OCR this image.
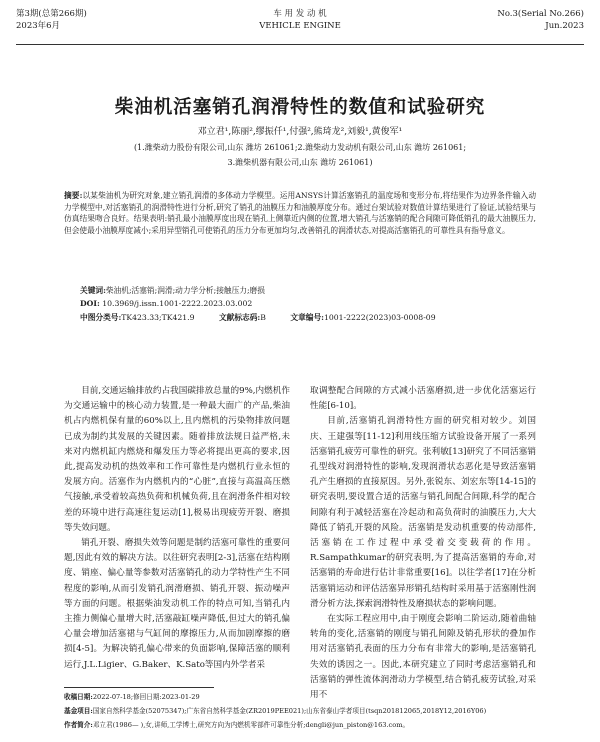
第3期(总第266期)
2023年6月
车 用 发 动 机
VEHICLE ENGINE
No.3(Serial No.266)
Jun.2023
柴油机活塞销孔润滑特性的数值和试验研究
邓立君¹,陈丽²,缪振仟¹,付强²,熊琦龙²,刘毅¹,黄俊军¹
(1.潍柴动力股份有限公司,山东 潍坊 261061;2.潍柴动力发动机有限公司,山东 潍坊 261061;
3.潍柴机器有限公司,山东 潍坊 261061)
摘要:以某柴油机为研究对象,建立销孔润滑的多体动力学模型。运用ANSYS计算活塞销孔的温度场和变形分布,将结果作为边界条件输入动力学模型中,对活塞销孔的润滑特性进行分析,研究了销孔的油膜压力和油膜厚度分布。通过台架试验对数值计算结果进行了验证,试验结果与仿真结果吻合良好。结果表明:销孔最小油膜厚度出现在销孔上侧靠近内侧的位置,增大销孔与活塞销的配合间隙可降低销孔的最大油膜压力,但会使最小油膜厚度减小;采用异型销孔可使销孔的压力分布更加均匀,改善销孔的润滑状态,对提高活塞销孔的可靠性具有指导意义。
关键词:柴油机;活塞销;润滑;动力学分析;接触压力;磨损
DOI: 10.3969/j.issn.1001-2222.2023.03.002
中图分类号:TK423.33;TK421.9	文献标志码:B	文章编号:1001-2222(2023)03-0008-09

目前,交通运输排放约占我国碳排放总量的9%,内燃机作为交通运输中的核心动力装置,是一种最大面广的产品,柴油机占内燃机保有量的60%以上,且内燃机的污染物排放问题已成为制约其发展的关键因素。随着排放法规日益严格,未来对内燃机缸内燃烧和爆发压力等必将提出更高的要求,因此,提高发动机的热效率和工作可靠性是内燃机行业永恒的发展方向。活塞作为内燃机内的“心脏”,直接与高温高压燃气接触,承受着较高热负荷和机械负荷,且在润滑条件相对较差的环境中进行高速往复运动[1],极易出现疲劳开裂、磨损等失效问题。

销孔开裂、磨损失效等问题是制约活塞可靠性的重要问题,因此有效的解决方法。以往研究表明[2-3],活塞在结构刚度、销座、偏心量等参数对活塞销孔的动力学特性产生不同程度的影响,从而引发销孔润滑磨损、销孔开裂、振动噪声等方面的问题。根据柴油发动机工作的特点可知,当销孔内主推力侧偏心量增大时,活塞敲缸噪声降低,但过大的销孔偏心量会增加活塞裙与气缸间的摩擦压力,从而加剧摩擦的磨损[4-5]。为解决销孔偏心带来的负面影响,保障活塞的顺利运行,J.L.Ligier、G.Baker、K.Sato等国内外学者采

取调整配合间隙的方式减小活塞磨损,进一步优化活塞运行性能[6-10]。

目前,活塞销孔润滑特性方面的研究相对较少。刘国庆、王建强等[11-12]利用线压缩方试验设备开展了一系列活塞销孔疲劳可靠性的研究。张利敏[13]研究了不同活塞销孔型线对润滑特性的影响,发现润滑状态恶化是导致活塞销孔产生磨损的直接原因。另外,张锐东、刘宏东等[14-15]的研究表明,要设置合适的活塞与销孔间配合间隙,科学的配合间隙有利于减轻活塞在冷起动和高负荷时的油膜压力,大大降低了销孔开裂的风险。活塞销是发动机重要的传动部件,活塞销在工作过程中承受着交变载荷的作用。R.Sampathkumar的研究表明,为了提高活塞销的寿命,对活塞销的寿命进行估计非常重要[16]。以往学者[17]在分析活塞销运动和评估活塞异形销孔结构时采用基于活塞刚性润滑分析方法,探索润滑特性及磨损状态的影响问题。

在实际工程应用中,由于刚度会影响二阶运动,随着曲轴转角的变化,活塞销的刚度与销孔间隙及销孔形状的叠加作用对活塞销孔表面的压力分布有非常大的影响,是活塞销孔失效的诱因之一。因此,本研究建立了同时考虑活塞销孔和活塞销的弹性流体润滑动力学模型,结合销孔疲劳试验,对采用不

收稿日期:2022-07-18;修回日期:2023-01-29
基金项目:国家自然科学基金(52075347);广东省自然科学基金(ZR2019PEE021);山东省泰山学者项目(tsqn201812065,2018Y12,2016Y06)
作者简介:邓立君(1986— ),女,讲师,工学博士,研究方向为内燃机零部件可靠性分析;dengli@jun_piston@163.com。
